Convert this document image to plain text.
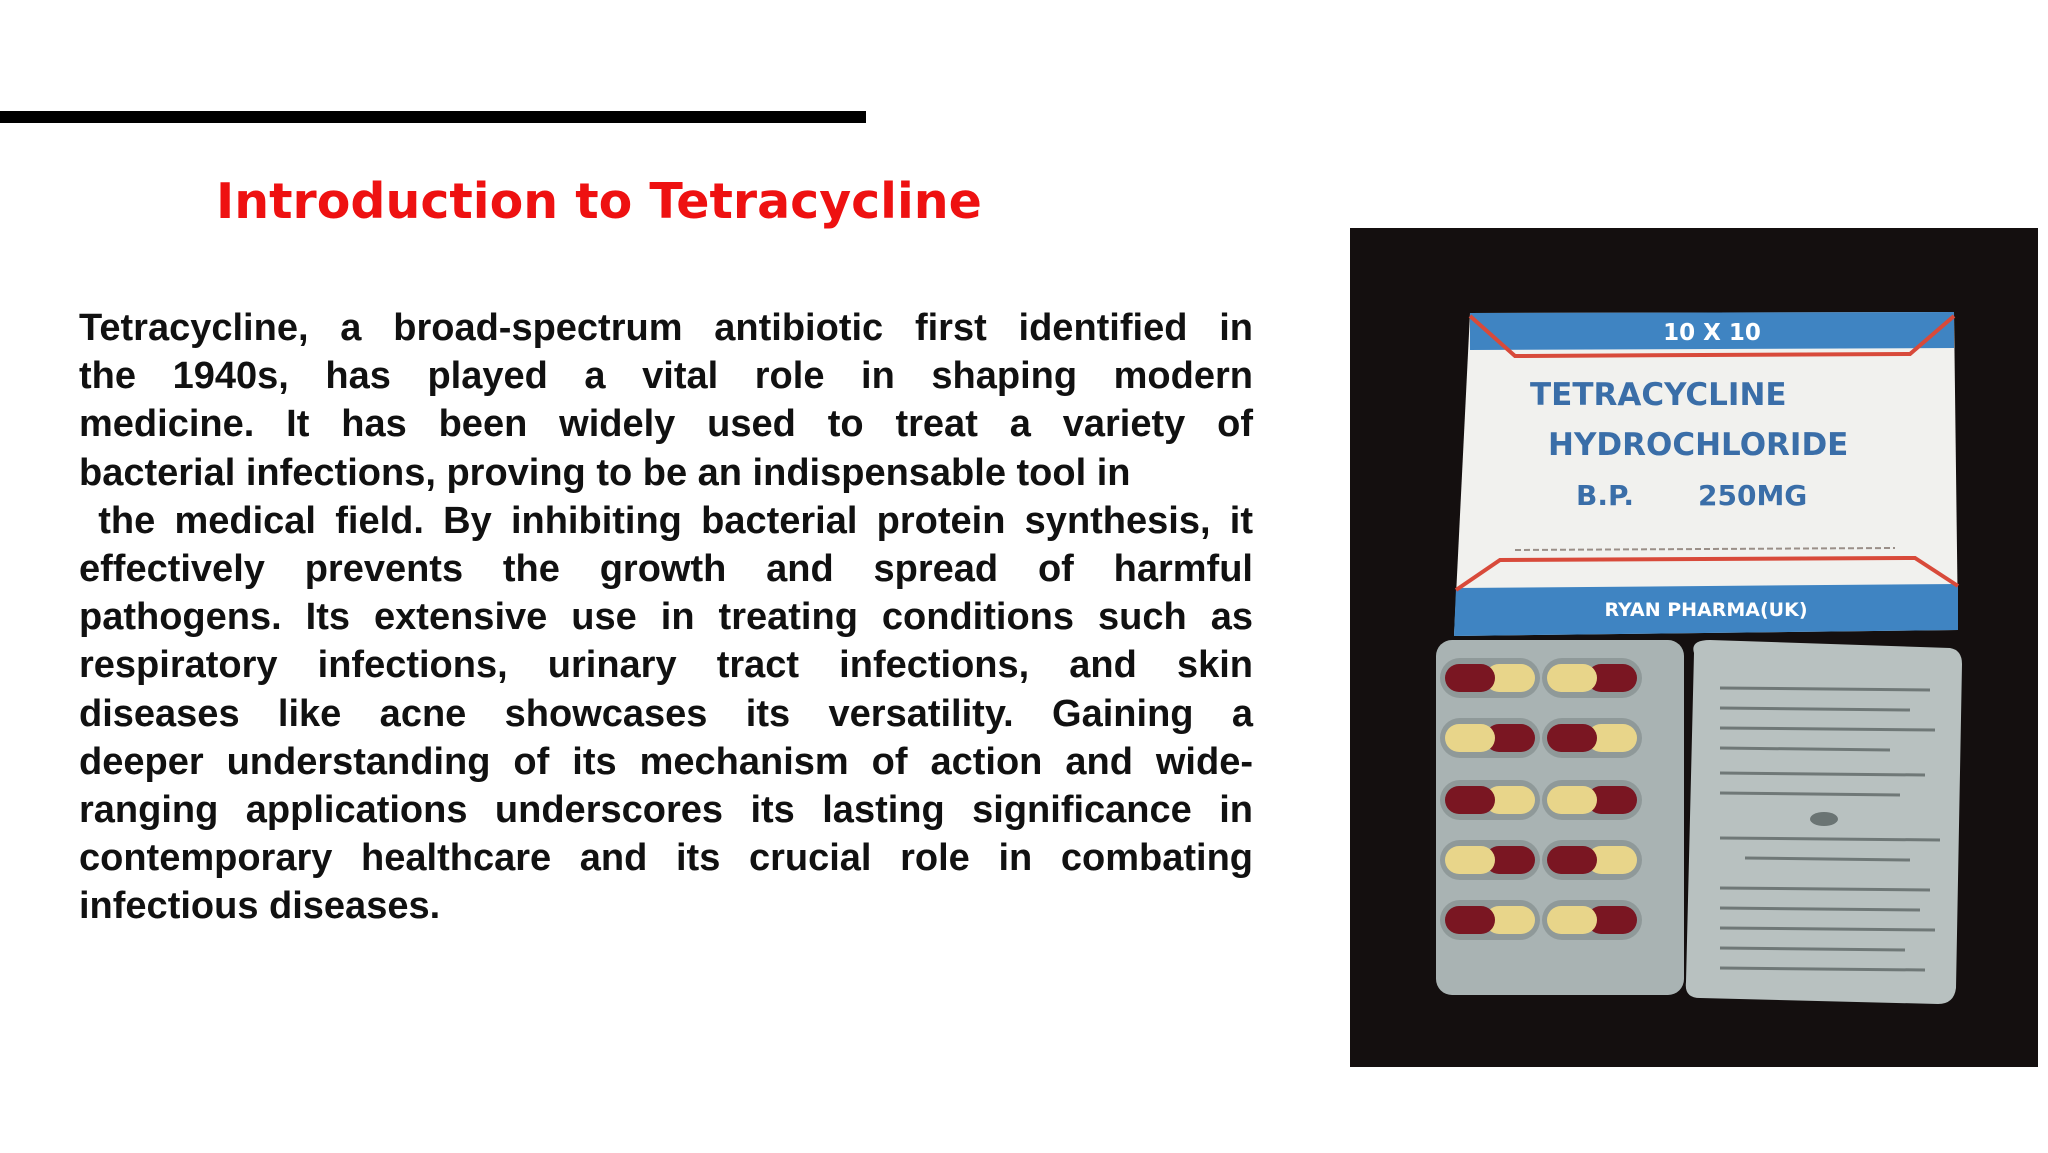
Introduction to Tetracycline
Tetracycline, a broad-spectrum antibiotic first identified in
the 1940s, has played a vital role in shaping modern
medicine. It has been widely used to treat a variety of
bacterial infections, proving to be an indispensable tool in
the medical field. By inhibiting bacterial protein synthesis, it
effectively prevents the growth and spread of harmful
pathogens. Its extensive use in treating conditions such as
respiratory infections, urinary tract infections, and skin
diseases like acne showcases its versatility. Gaining a
deeper understanding of its mechanism of action and wide-
ranging applications underscores its lasting significance in
contemporary healthcare and its crucial role in combating
infectious diseases.
10 X 10
TETRACYCLINE
HYDROCHLORIDE
B.P. 250MG
RYAN PHARMA(UK)
